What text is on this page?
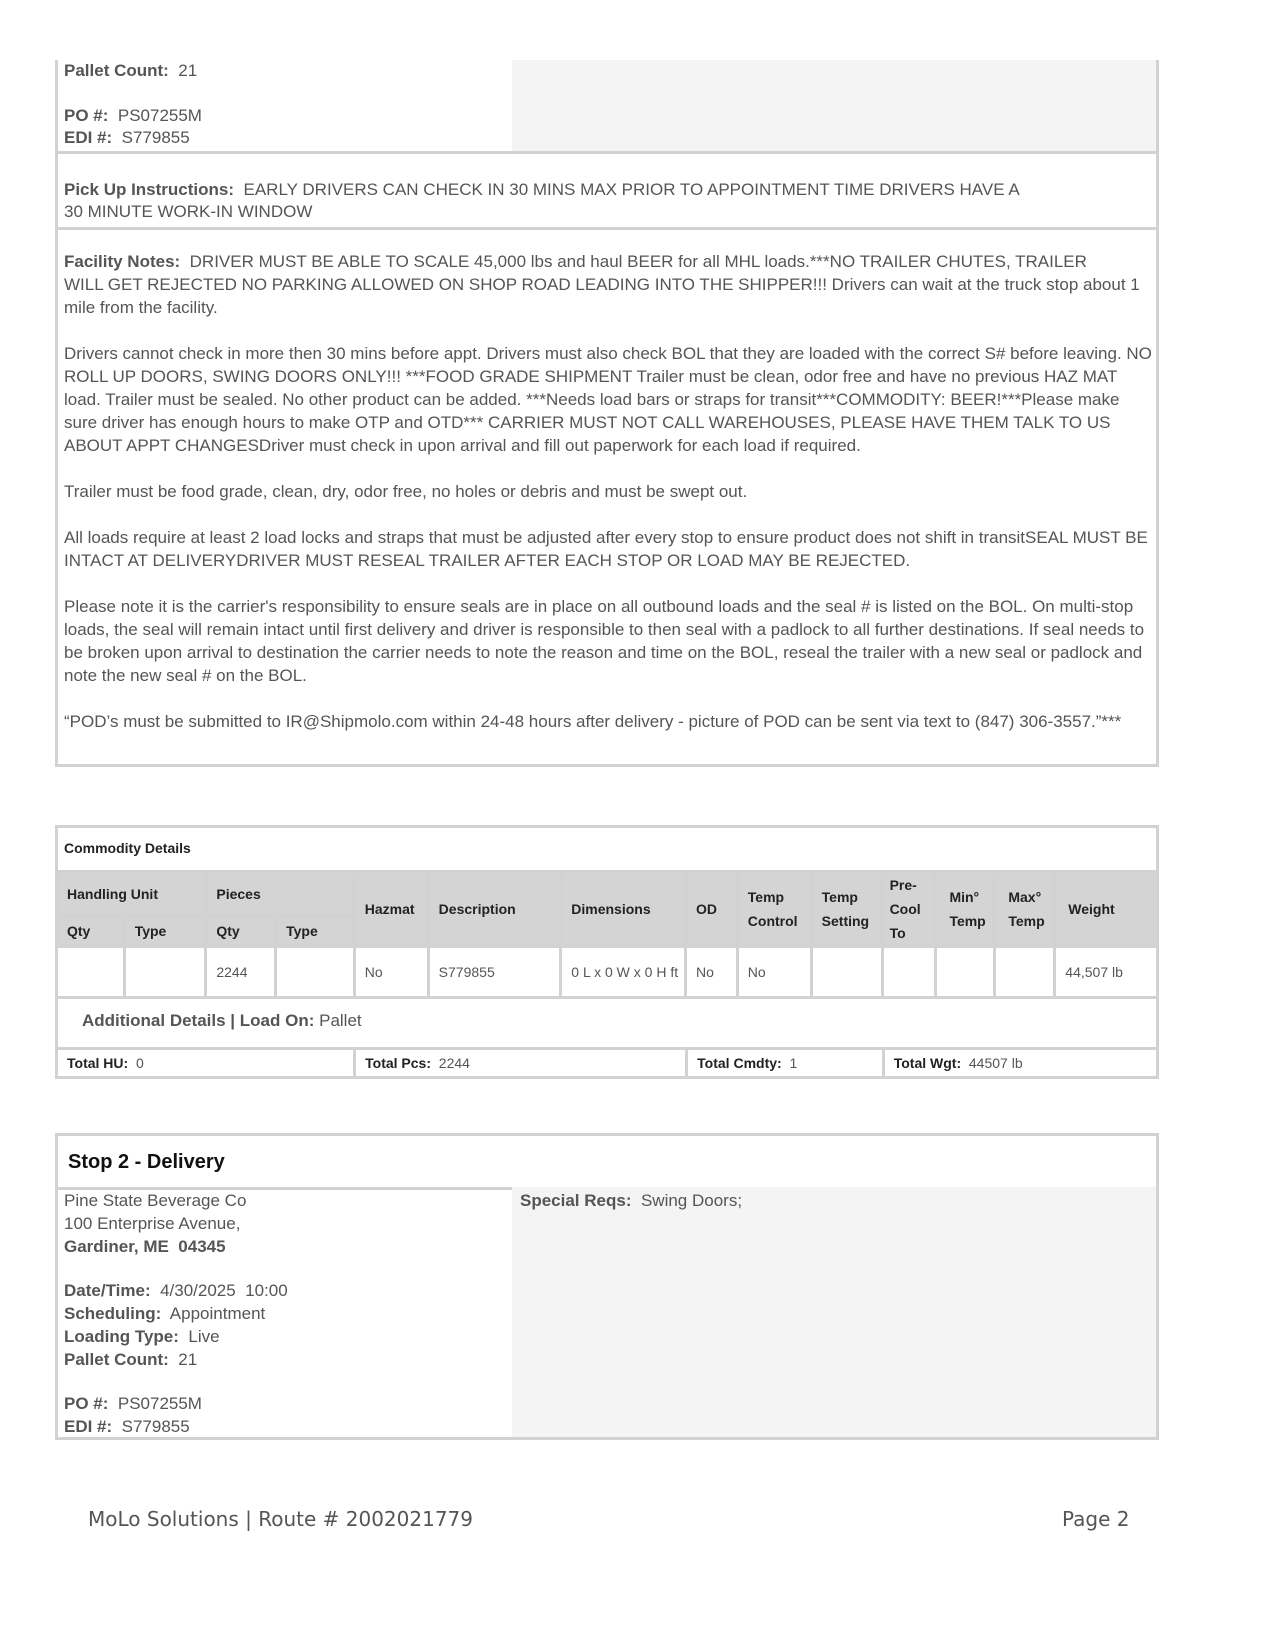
Pallet Count: 21
PO #: PS07255M
EDI #: S779855
Pick Up Instructions: EARLY DRIVERS CAN CHECK IN 30 MINS MAX PRIOR TO APPOINTMENT TIME DRIVERS HAVE A
30 MINUTE WORK-IN WINDOW
Facility Notes: DRIVER MUST BE ABLE TO SCALE 45,000 lbs and haul BEER for all MHL loads.***NO TRAILER CHUTES, TRAILER
WILL GET REJECTED NO PARKING ALLOWED ON SHOP ROAD LEADING INTO THE SHIPPER!!! Drivers can wait at the truck stop about 1 mile from the facility.
Drivers cannot check in more then 30 mins before appt. Drivers must also check BOL that they are loaded with the correct S# before leaving. NO ROLL UP DOORS, SWING DOORS ONLY!!! ***FOOD GRADE SHIPMENT Trailer must be clean, odor free and have no previous HAZ MAT load. Trailer must be sealed. No other product can be added. ***Needs load bars or straps for transit***COMMODITY: BEER!***Please make sure driver has enough hours to make OTP and OTD*** CARRIER MUST NOT CALL WAREHOUSES, PLEASE HAVE THEM TALK TO US ABOUT APPT CHANGESDriver must check in upon arrival and fill out paperwork for each load if required.
Trailer must be food grade, clean, dry, odor free, no holes or debris and must be swept out.
All loads require at least 2 load locks and straps that must be adjusted after every stop to ensure product does not shift in transitSEAL MUST BE INTACT AT DELIVERYDRIVER MUST RESEAL TRAILER AFTER EACH STOP OR LOAD MAY BE REJECTED.
Please note it is the carrier's responsibility to ensure seals are in place on all outbound loads and the seal # is listed on the BOL. On multi-stop loads, the seal will remain intact until first delivery and driver is responsible to then seal with a padlock to all further destinations. If seal needs to be broken upon arrival to destination the carrier needs to note the reason and time on the BOL, reseal the trailer with a new seal or padlock and note the new seal # on the BOL.
“POD’s must be submitted to IR@Shipmolo.com within 24-48 hours after delivery - picture of POD can be sent via text to (847) 306-3557.”***
Commodity Details
Handling Unit		Pieces		Hazmat	Description	Dimensions	OD	Temp Control	Temp Setting	Pre-Cool To	Min° Temp	Max° Temp	Weight
Qty	Type	Qty	Type										
		2244		No	S779855	0 L x 0 W x 0 H ft	No	No					44,507 lb
Additional Details | Load On: Pallet
Total HU: 0	Total Pcs: 2244	Total Cmdty: 1	Total Wgt: 44507 lb
Stop 2 - Delivery
Special Reqs: Swing Doors;
Pine State Beverage Co
100 Enterprise Avenue,
Gardiner, ME  04345
Date/Time: 4/30/2025  10:00
Scheduling: Appointment
Loading Type: Live
Pallet Count: 21
PO #: PS07255M
EDI #: S779855
MoLo Solutions | Route # 2002021779	Page 2
